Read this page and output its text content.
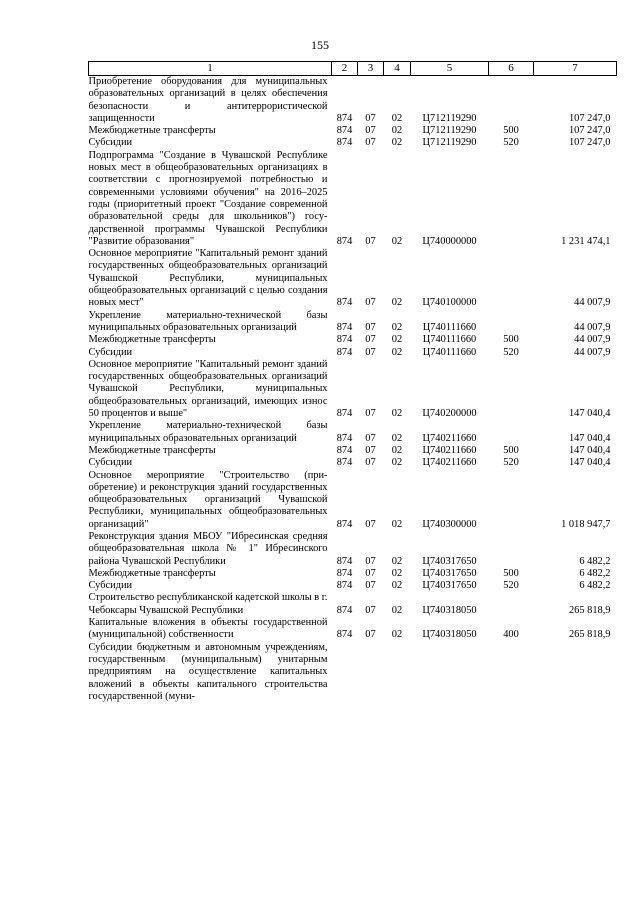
155
1	2	3	4	5	6	7
Приобретение оборудования для муниципальных образовательных организаций в целях обеспечения безопасности и антитеррористической защищенности	874	07	02	Ц712119290		107 247,0
Межбюджетные трансферты	874	07	02	Ц712119290	500	107 247,0
Субсидии	874	07	02	Ц712119290	520	107 247,0
Подпрограмма "Создание в Чувашской Республике новых мест в общеобразовательных организациях в соответствии с прогнозируемой потребностью и современными условиями обучения" на 2016–2025 годы (приоритетный проект "Создание современной образовательной среды для школьников") государственной программы Чувашской Республики "Развитие образования"	874	07	02	Ц740000000		1 231 474,1
Основное мероприятие "Капитальный ремонт зданий государственных общеобразовательных организаций Чувашской Республики, муниципальных общеобразовательных организаций с целью создания новых мест"	874	07	02	Ц740100000		44 007,9
Укрепление материально-технической базы муниципальных образовательных организаций	874	07	02	Ц740111660		44 007,9
Межбюджетные трансферты	874	07	02	Ц740111660	500	44 007,9
Субсидии	874	07	02	Ц740111660	520	44 007,9
Основное мероприятие "Капитальный ремонт зданий государственных общеобразовательных организаций Чувашской Республики, муниципальных общеобразовательных организаций, имеющих износ 50 процентов и выше"	874	07	02	Ц740200000		147 040,4
Укрепление материально-технической базы муниципальных образовательных организаций	874	07	02	Ц740211660		147 040,4
Межбюджетные трансферты	874	07	02	Ц740211660	500	147 040,4
Субсидии	874	07	02	Ц740211660	520	147 040,4
Основное мероприятие "Строительство (приобретение) и реконструкция зданий государственных общеобразовательных организаций Чувашской Республики, муниципальных общеобразовательных организаций"	874	07	02	Ц740300000		1 018 947,7
Реконструкция здания МБОУ "Ибресинская средняя общеобразовательная школа № 1" Ибресинского района Чувашской Республики	874	07	02	Ц740317650		6 482,2
Межбюджетные трансферты	874	07	02	Ц740317650	500	6 482,2
Субсидии	874	07	02	Ц740317650	520	6 482,2
Строительство республиканской кадетской школы в г. Чебоксары Чувашской Республики	874	07	02	Ц740318050		265 818,9
Капитальные вложения в объекты государственной (муниципальной) собственности	874	07	02	Ц740318050	400	265 818,9
Субсидии бюджетным и автономным учреждениям, государственным (муниципальным) унитарным предприятиям на осуществление капитальных вложений в объекты капитального строительства государственной (муни-						
